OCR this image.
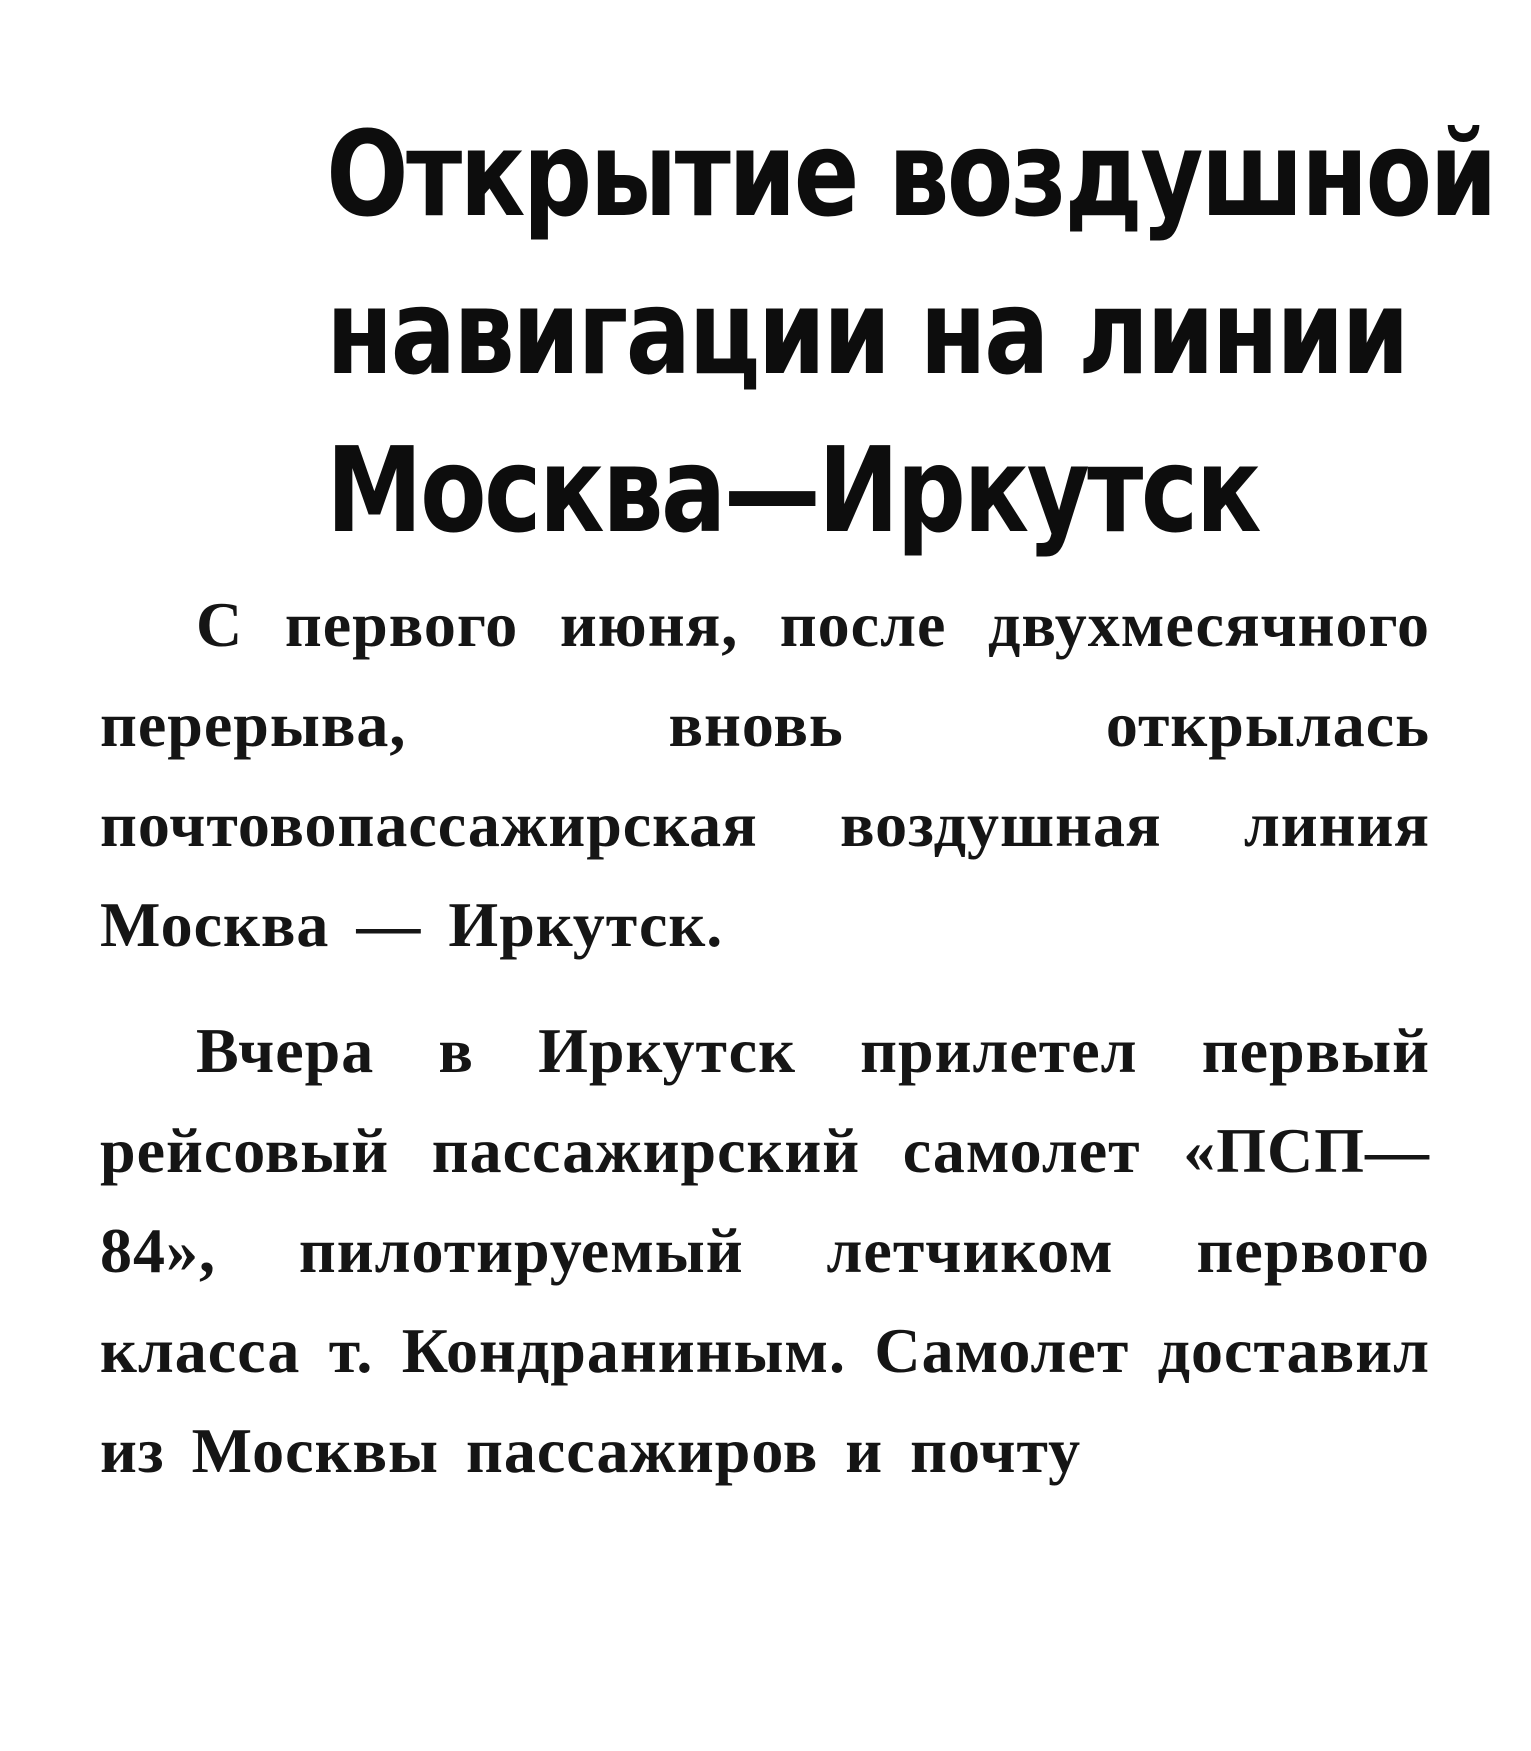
Открытие воздушной
навигации на линии
Москва—Иркутск

С первого июня, после двухмесячного перерыва, вновь открылась почтовопассажирская воздушная линия Москва — Иркутск.

Вчера в Иркутск прилетел первый рейсовый пассажирский самолет «ПСП—84», пилотируемый летчиком первого класса т. Кондраниным. Самолет доставил из Москвы пассажиров и почту
